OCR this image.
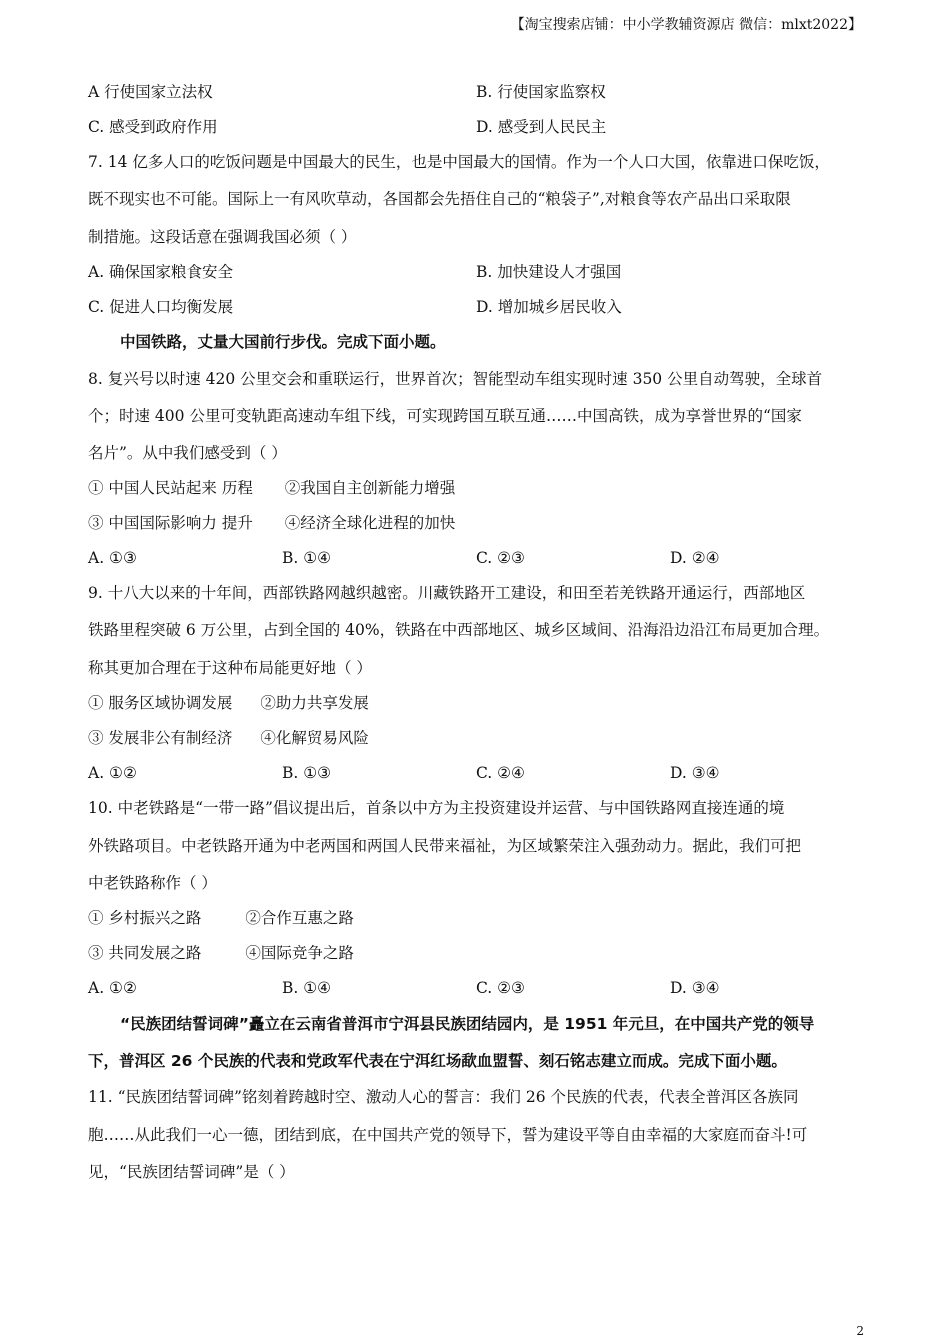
【淘宝搜索店铺：中小学教辅资源店 微信：mlxt2022】
A 行使国家立法权	B. 行使国家监察权
C. 感受到政府作用	D. 感受到人民民主
7. 14 亿多人口的吃饭问题是中国最大的民生，也是中国最大的国情。作为一个人口大国，依靠进口保吃饭，
既不现实也不可能。国际上一有风吹草动，各国都会先捂住自己的“粮袋子”,对粮食等农产品出口采取限
制措施。这段话意在强调我国必须（ ）
A. 确保国家粮食安全	B. 加快建设人才强国
C. 促进人口均衡发展	D. 增加城乡居民收入
中国铁路，丈量大国前行步伐。完成下面小题。
8. 复兴号以时速 420 公里交会和重联运行，世界首次；智能型动车组实现时速 350 公里自动驾驶，全球首
个；时速 400 公里可变轨距高速动车组下线，可实现跨国互联互通……中国高铁，成为享誉世界的“国家
名片”。从中我们感受到（ ）
① 中国人民站起来 历程 ②我国自主创新能力增强
③ 中国国际影响力 提升 ④经济全球化进程的加快
A. ①③	B. ①④	C. ②③	D. ②④
9. 十八大以来的十年间，西部铁路网越织越密。川藏铁路开工建设，和田至若羌铁路开通运行，西部地区
铁路里程突破 6 万公里，占到全国的 40%，铁路在中西部地区、城乡区域间、沿海沿边沿江布局更加合理。
称其更加合理在于这种布局能更好地（ ）
① 服务区域协调发展 ②助力共享发展
③ 发展非公有制经济 ④化解贸易风险
A. ①②	B. ①③	C. ②④	D. ③④
10. 中老铁路是“一带一路”倡议提出后，首条以中方为主投资建设并运营、与中国铁路网直接连通的境
外铁路项目。中老铁路开通为中老两国和两国人民带来福祉，为区域繁荣注入强劲动力。据此，我们可把
中老铁路称作（ ）
① 乡村振兴之路	②合作互惠之路
③ 共同发展之路	④国际竞争之路
A. ①②	B. ①④	C. ②③	D. ③④
“民族团结誓词碑”矗立在云南省普洱市宁洱县民族团结园内，是 1951 年元旦，在中国共产党的领导
下，普洱区 26 个民族的代表和党政军代表在宁洱红场歃血盟誓、刻石铭志建立而成。完成下面小题。
11. “民族团结誓词碑”铭刻着跨越时空、激动人心的誓言：我们 26 个民族的代表，代表全普洱区各族同
胞……从此我们一心一德，团结到底，在中国共产党的领导下，誓为建设平等自由幸福的大家庭而奋斗!可
见，“民族团结誓词碑”是（ ）
2
